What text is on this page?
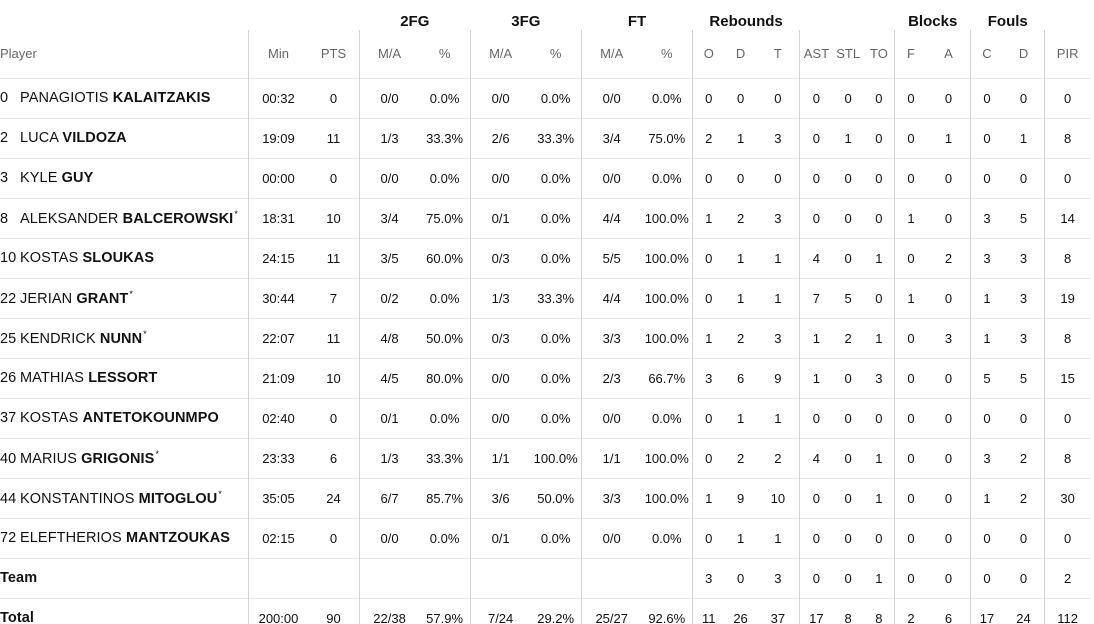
			2FG		3FG		FT		Rebounds						Blocks		Fouls		
Player	Min	PTS	M/A	%	M/A	%	M/A	%	O	D	T	AST	STL	TO	F	A	C	D	PIR
0 PANAGIOTIS KALAITZAKIS	00:32	0	0/0	0.0%	0/0	0.0%	0/0	0.0%	0	0	0	0	0	0	0	0	0	0	0
2 LUCA VILDOZA	19:09	11	1/3	33.3%	2/6	33.3%	3/4	75.0%	2	1	3	0	1	0	0	1	0	1	8
3 KYLE GUY	00:00	0	0/0	0.0%	0/0	0.0%	0/0	0.0%	0	0	0	0	0	0	0	0	0	0	0
8 ALEKSANDER BALCEROWSKI*	18:31	10	3/4	75.0%	0/1	0.0%	4/4	100.0%	1	2	3	0	0	0	1	0	3	5	14
10 KOSTAS SLOUKAS	24:15	11	3/5	60.0%	0/3	0.0%	5/5	100.0%	0	1	1	4	0	1	0	2	3	3	8
22 JERIAN GRANT*	30:44	7	0/2	0.0%	1/3	33.3%	4/4	100.0%	0	1	1	7	5	0	1	0	1	3	19
25 KENDRICK NUNN*	22:07	11	4/8	50.0%	0/3	0.0%	3/3	100.0%	1	2	3	1	2	1	0	3	1	3	8
26 MATHIAS LESSORT	21:09	10	4/5	80.0%	0/0	0.0%	2/3	66.7%	3	6	9	1	0	3	0	0	5	5	15
37 KOSTAS ANTETOKOUNMPO	02:40	0	0/1	0.0%	0/0	0.0%	0/0	0.0%	0	1	1	0	0	0	0	0	0	0	0
40 MARIUS GRIGONIS*	23:33	6	1/3	33.3%	1/1	100.0%	1/1	100.0%	0	2	2	4	0	1	0	0	3	2	8
44 KONSTANTINOS MITOGLOU*	35:05	24	6/7	85.7%	3/6	50.0%	3/3	100.0%	1	9	10	0	0	1	0	0	1	2	30
72 ELEFTHERIOS MANTZOUKAS	02:15	0	0/0	0.0%	0/1	0.0%	0/0	0.0%	0	1	1	0	0	0	0	0	0	0	0
Team									3	0	3	0	0	1	0	0	0	0	2
Total	200:00	90	22/38	57.9%	7/24	29.2%	25/27	92.6%	11	26	37	17	8	8	2	6	17	24	112
